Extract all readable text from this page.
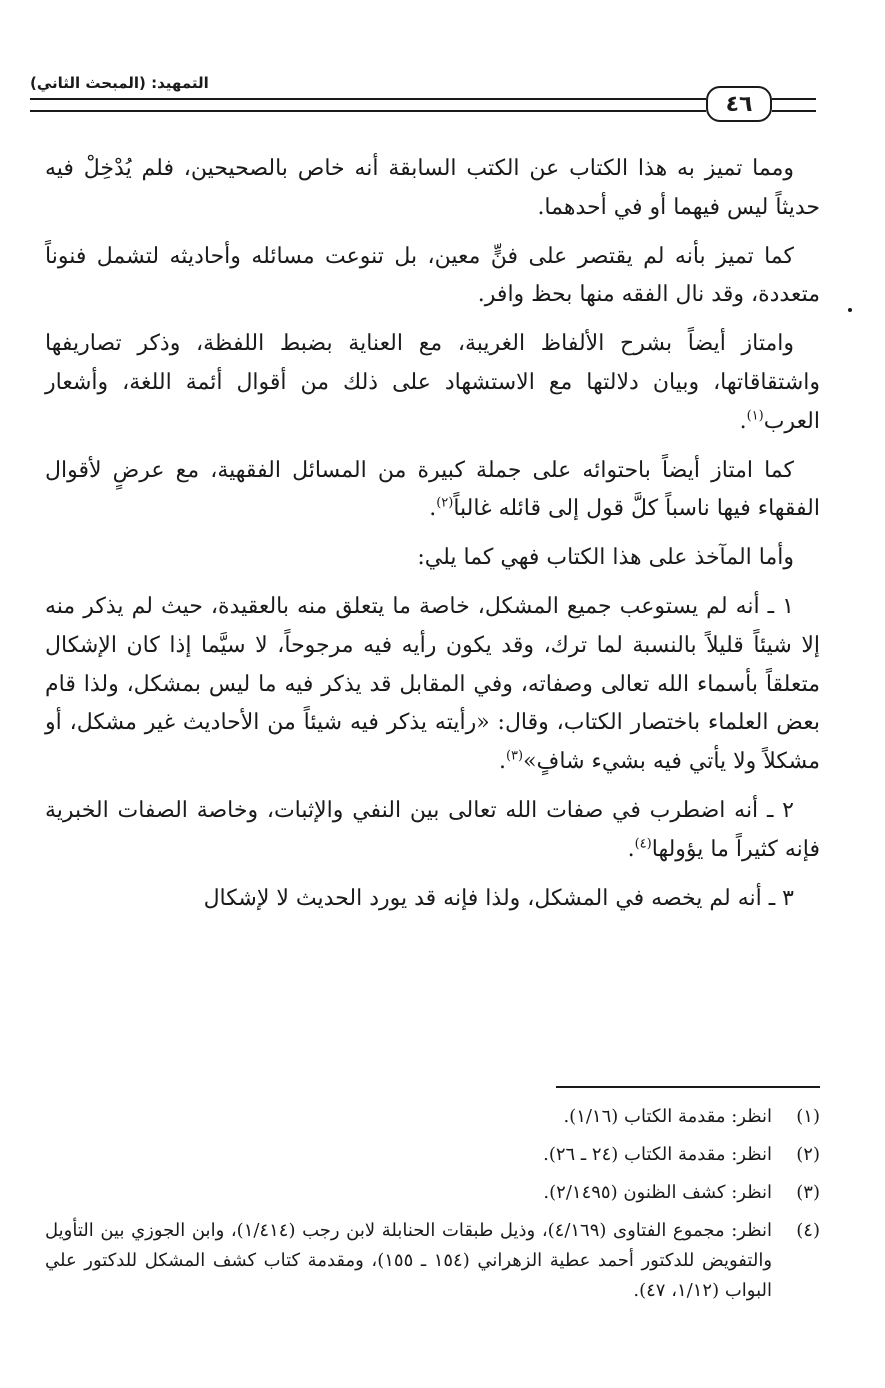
التمهيد: (المبحث الثاني)
٤٦

ومما تميز به هذا الكتاب عن الكتب السابقة أنه خاص بالصحيحين، فلم يُدْخِلْ فيه حديثاً ليس فيهما أو في أحدهما.

كما تميز بأنه لم يقتصر على فنٍّ معين، بل تنوعت مسائله وأحاديثه لتشمل فنوناً متعددة، وقد نال الفقه منها بحظ وافر.

وامتاز أيضاً بشرح الألفاظ الغريبة، مع العناية بضبط اللفظة، وذكر تصاريفها واشتقاقاتها، وبيان دلالتها مع الاستشهاد على ذلك من أقوال أئمة اللغة، وأشعار العرب$^{(١)}$.

كما امتاز أيضاً باحتوائه على جملة كبيرة من المسائل الفقهية، مع عرضٍ لأقوال الفقهاء فيها ناسباً كلَّ قول إلى قائله غالباً$^{(٢)}$.

وأما المآخذ على هذا الكتاب فهي كما يلي:

١ ـ أنه لم يستوعب جميع المشكل، خاصة ما يتعلق منه بالعقيدة، حيث لم يذكر منه إلا شيئاً قليلاً بالنسبة لما ترك، وقد يكون رأيه فيه مرجوحاً، لا سيَّما إذا كان الإشكال متعلقاً بأسماء الله تعالى وصفاته، وفي المقابل قد يذكر فيه ما ليس بمشكل، ولذا قام بعض العلماء باختصار الكتاب، وقال: «رأيته يذكر فيه شيئاً من الأحاديث غير مشكل، أو مشكلاً ولا يأتي فيه بشيء شافٍ»$^{(٣)}$.

٢ ـ أنه اضطرب في صفات الله تعالى بين النفي والإثبات، وخاصة الصفات الخبرية فإنه كثيراً ما يؤولها$^{(٤)}$.

٣ ـ أنه لم يخصه في المشكل، ولذا فإنه قد يورد الحديث لا لإشكال

(١)
انظر: مقدمة الكتاب (١/١٦).
(٢)
انظر: مقدمة الكتاب (٢٤ ـ ٢٦).
(٣)
انظر: كشف الظنون (٢/١٤٩٥).
(٤)
انظر: مجموع الفتاوى (٤/١٦٩)، وذيل طبقات الحنابلة لابن رجب (١/٤١٤)، وابن الجوزي بين التأويل والتفويض للدكتور أحمد عطية الزهراني (١٥٤ ـ ١٥٥)، ومقدمة كتاب كشف المشكل للدكتور علي البواب (١/١٢، ٤٧).
